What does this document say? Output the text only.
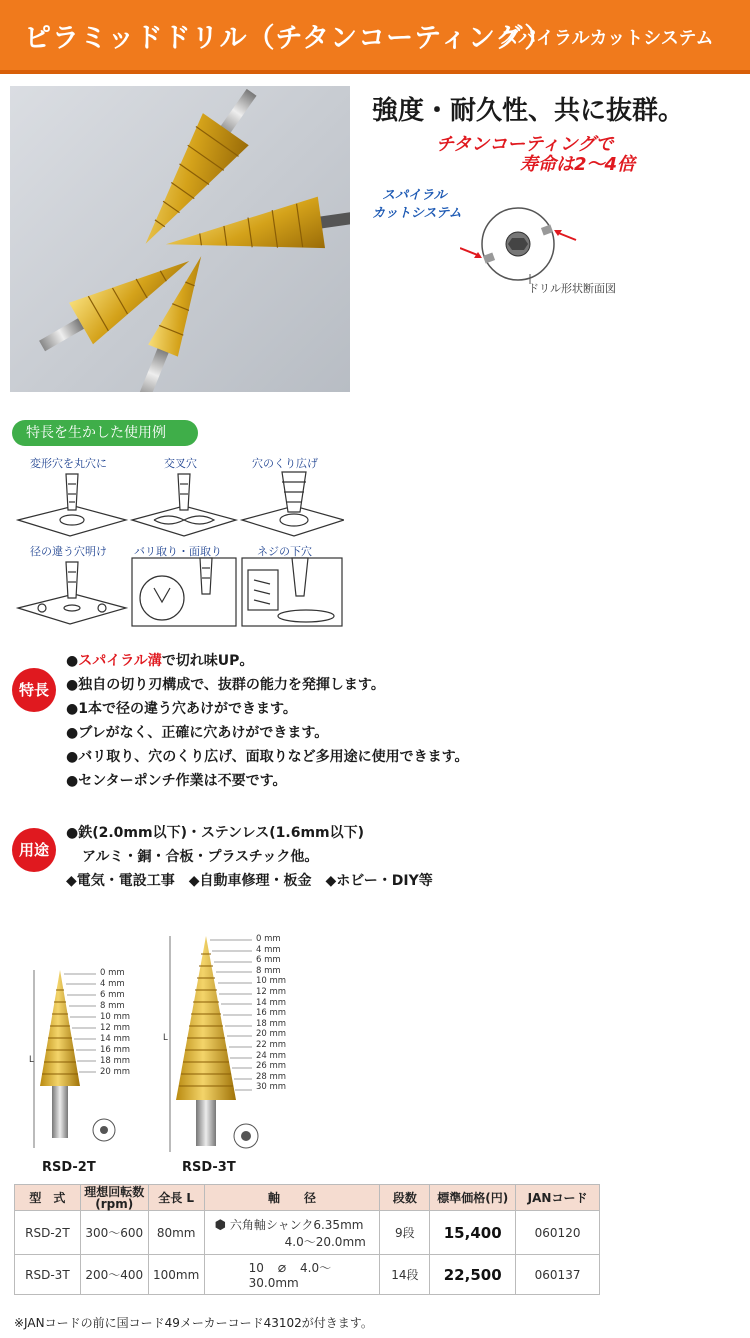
ピラミッドドリル（チタンコーティング）
スパイラルカットシステム
強度・耐久性、共に抜群。
チタンコーティングで
寿命は2～4倍
スパイラル
カットシステム
ドリル形状断面図
特長を生かした使用例
変形穴を丸穴に	交叉穴	穴のくり広げ
径の違う穴明け バリ取り・面取り	ネジの下穴
特長
●スパイラル溝で切れ味UP。
●独自の切り刃構成で、抜群の能力を発揮します。
●1本で径の違う穴あけができます。
●ブレがなく、正確に穴あけができます。
●バリ取り、穴のくり広げ、面取りなど多用途に使用できます。
●センターポンチ作業は不要です。
用途
●鉄(2.0mm以下)・ステンレス(1.6mm以下)
アルミ・銅・合板・プラスチック他。
◆電気・電設工事　◆自動車修理・板金　◆ホビー・DIY等
L
L
0 mm
4 mm
6 mm
8 mm
10 mm
12 mm
14 mm
16 mm
18 mm
20 mm
0 mm
4 mm
6 mm
8 mm
10 mm
12 mm
14 mm
16 mm
18 mm
20 mm
22 mm
24 mm
26 mm
28 mm
30 mm
RSD-2T	RSD-3T
型　式	理想回転数
(rpm)	全長 L	軸　　径	段数	標準価格(円)	JANコード
RSD-2T	300～600	80mm	⬢ 六角軸シャンク6.35mm
4.0～20.0mm	9段	15,400	060120
RSD-3T	200～400	100mm	10 ⌀ 4.0～30.0mm	14段	22,500	060137
※JANコードの前に国コード49メーカーコード43102が付きます。
